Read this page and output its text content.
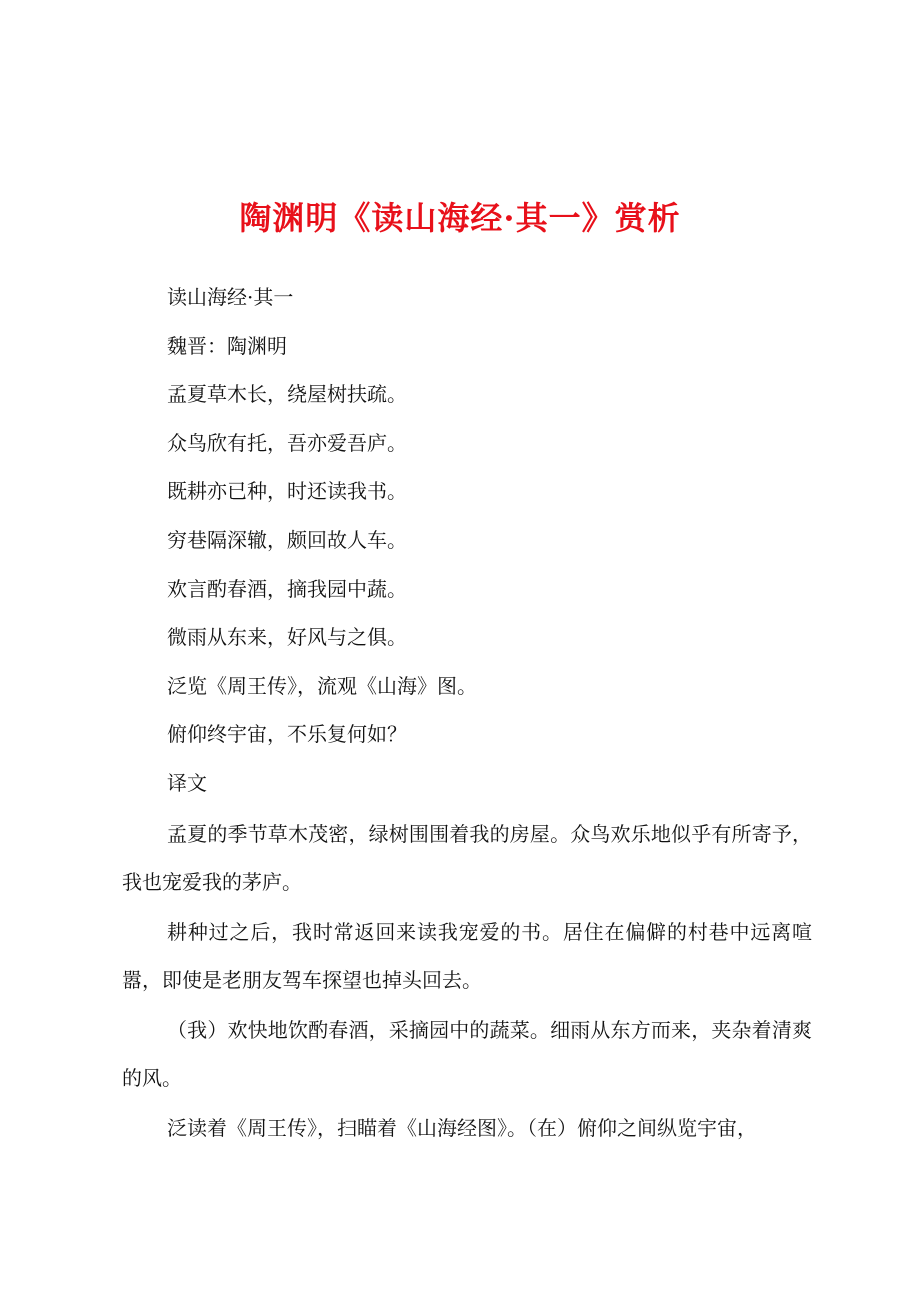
陶渊明《读山海经·其一》赏析

读山海经·其一

魏晋：陶渊明

孟夏草木长，绕屋树扶疏。

众鸟欣有托，吾亦爱吾庐。

既耕亦已种，时还读我书。

穷巷隔深辙，颇回故人车。

欢言酌春酒，摘我园中蔬。

微雨从东来，好风与之俱。

泛览《周王传》，流观《山海》图。

俯仰终宇宙，不乐复何如？

译文

孟夏的季节草木茂密，绿树围围着我的房屋。众鸟欢乐地似乎有所寄予，我也宠爱我的茅庐。

耕种过之后，我时常返回来读我宠爱的书。居住在偏僻的村巷中远离喧嚣，即使是老朋友驾车探望也掉头回去。

（我）欢快地饮酌春酒，采摘园中的蔬菜。细雨从东方而来，夹杂着清爽的风。

泛读着《周王传》，扫瞄着《山海经图》。（在）俯仰之间纵览宇宙，
